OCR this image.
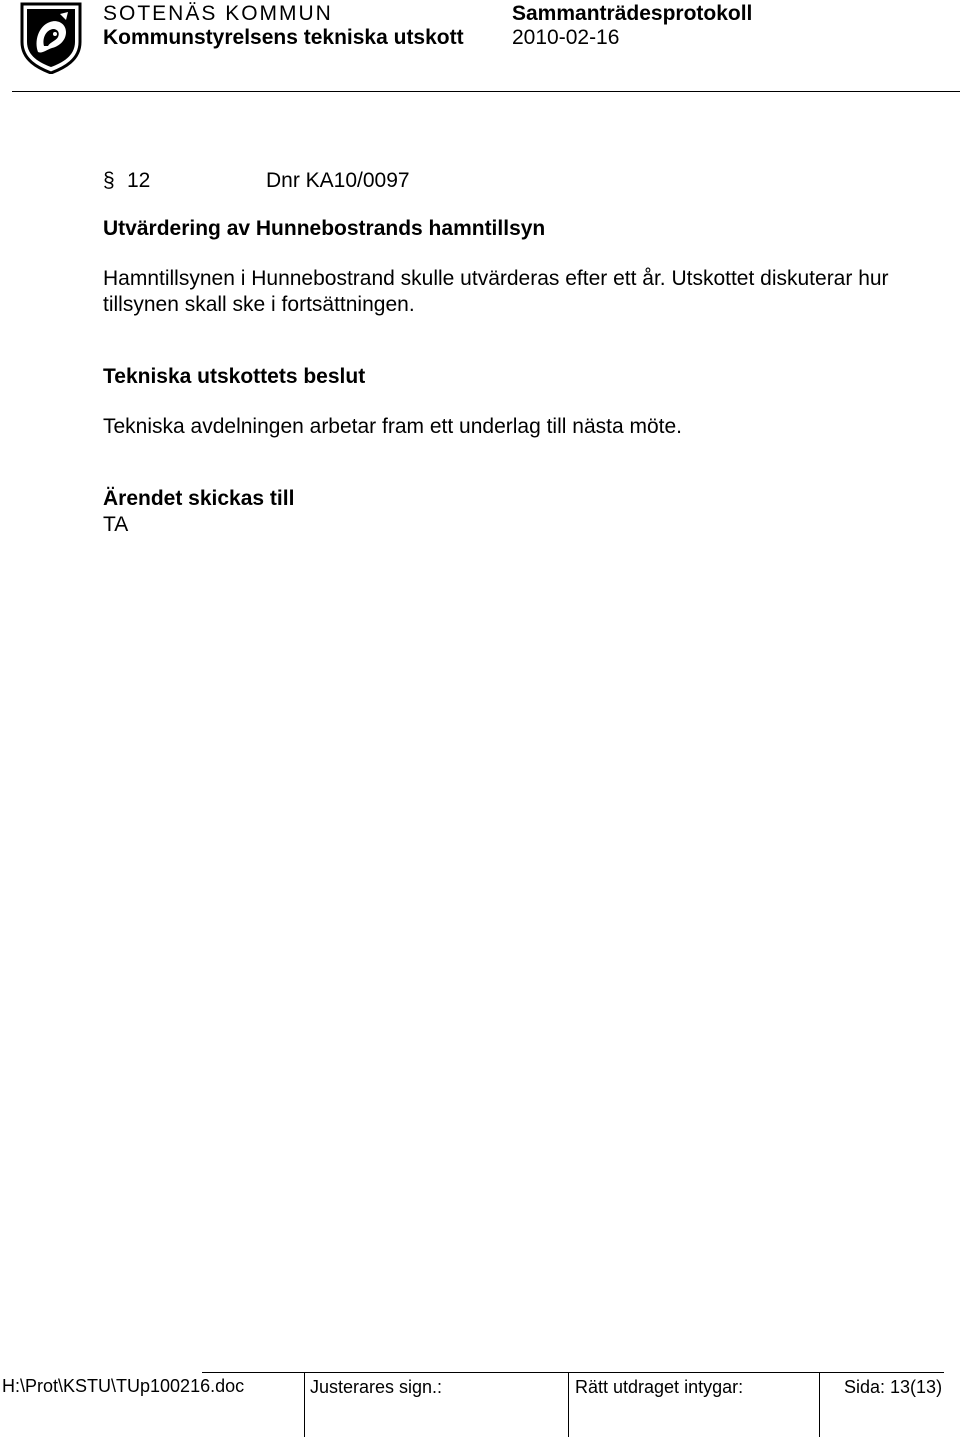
SOTENÄS KOMMUN
Kommunstyrelsens tekniska utskott
Sammanträdesprotokoll
2010-02-16
§ 12	Dnr KA10/0097
Utvärdering av Hunnebostrands hamntillsyn
Hamntillsynen i Hunnebostrand skulle utvärderas efter ett år. Utskottet diskuterar hur tillsynen skall ske i fortsättningen.
Tekniska utskottets beslut
Tekniska avdelningen arbetar fram ett underlag till nästa möte.
Ärendet skickas till
TA
H:\Prot\KSTU\TUp100216.doc	Justerares sign.:	Rätt utdraget intygar:	Sida: 13(13)
